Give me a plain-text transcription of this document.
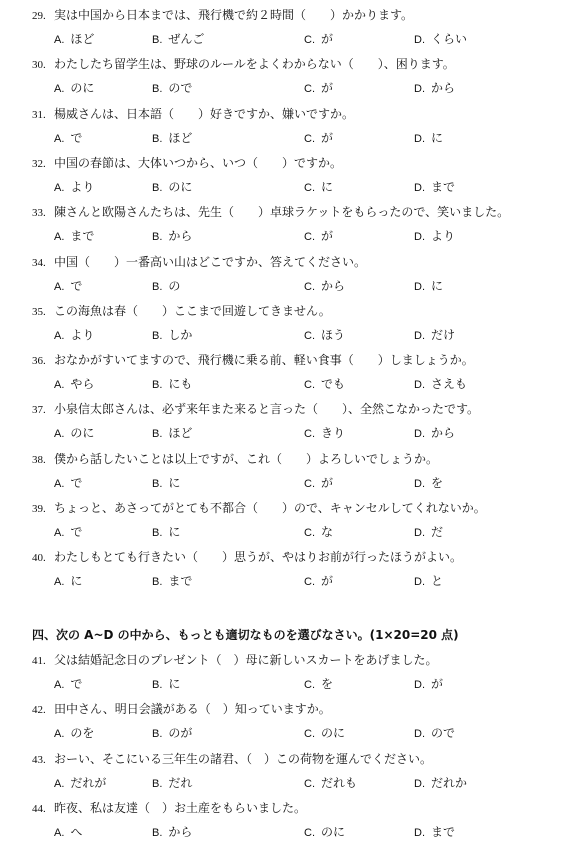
29. 実は中国から日本までは、飛行機で約２時間（　　）かかります。
A. ほど	B. ぜんご	C. が	D. くらい
30. わたしたち留学生は、野球のルールをよくわからない（　　）、困ります。
A. のに	B. ので	C. が	D. から
31. 楊威さんは、日本語（　　）好きですか、嫌いですか。
A. で	B. ほど	C. が	D. に
32. 中国の春節は、大体いつから、いつ（　　）ですか。
A. より	B. のに	C. に	D. まで
33. 陳さんと欧陽さんたちは、先生（　　）卓球ラケットをもらったので、笑いました。
A. まで	B. から	C. が	D. より
34. 中国（　　）一番高い山はどこですか、答えてください。
A. で	B. の	C. から	D. に
35. この海魚は春（　　）ここまで回遊してきません。
A. より	B. しか	C. ほう	D. だけ
36. おなかがすいてますので、飛行機に乗る前、軽い食事（　　）しましょうか。
A. やら	B. にも	C. でも	D. さえも
37. 小泉信太郎さんは、必ず来年また来ると言った（　　）、全然こなかったです。
A. のに	B. ほど	C. きり	D. から
38. 僕から話したいことは以上ですが、これ（　　）よろしいでしょうか。
A. で	B. に	C. が	D. を
39. ちょっと、あさってがとても不都合（　　）ので、キャンセルしてくれないか。
A. で	B. に	C. な	D. だ
40. わたしもとても行きたい（　　）思うが、やはりお前が行ったほうがよい。
A. に	B. まで	C. が	D. と
四、次の A~D の中から、もっとも適切なものを選びなさい。(1×20=20 点)
41. 父は結婚記念日のプレゼント（　）母に新しいスカートをあげました。
A. で	B. に	C. を	D. が
42. 田中さん、明日会議がある（　）知っていますか。
A. のを	B. のが	C. のに	D. ので
43. おーい、そこにいる三年生の諸君、（　）この荷物を運んでください。
A. だれが	B. だれ	C. だれも	D. だれか
44. 昨夜、私は友達（　）お土産をもらいました。
A. へ	B. から	C. のに	D. まで
